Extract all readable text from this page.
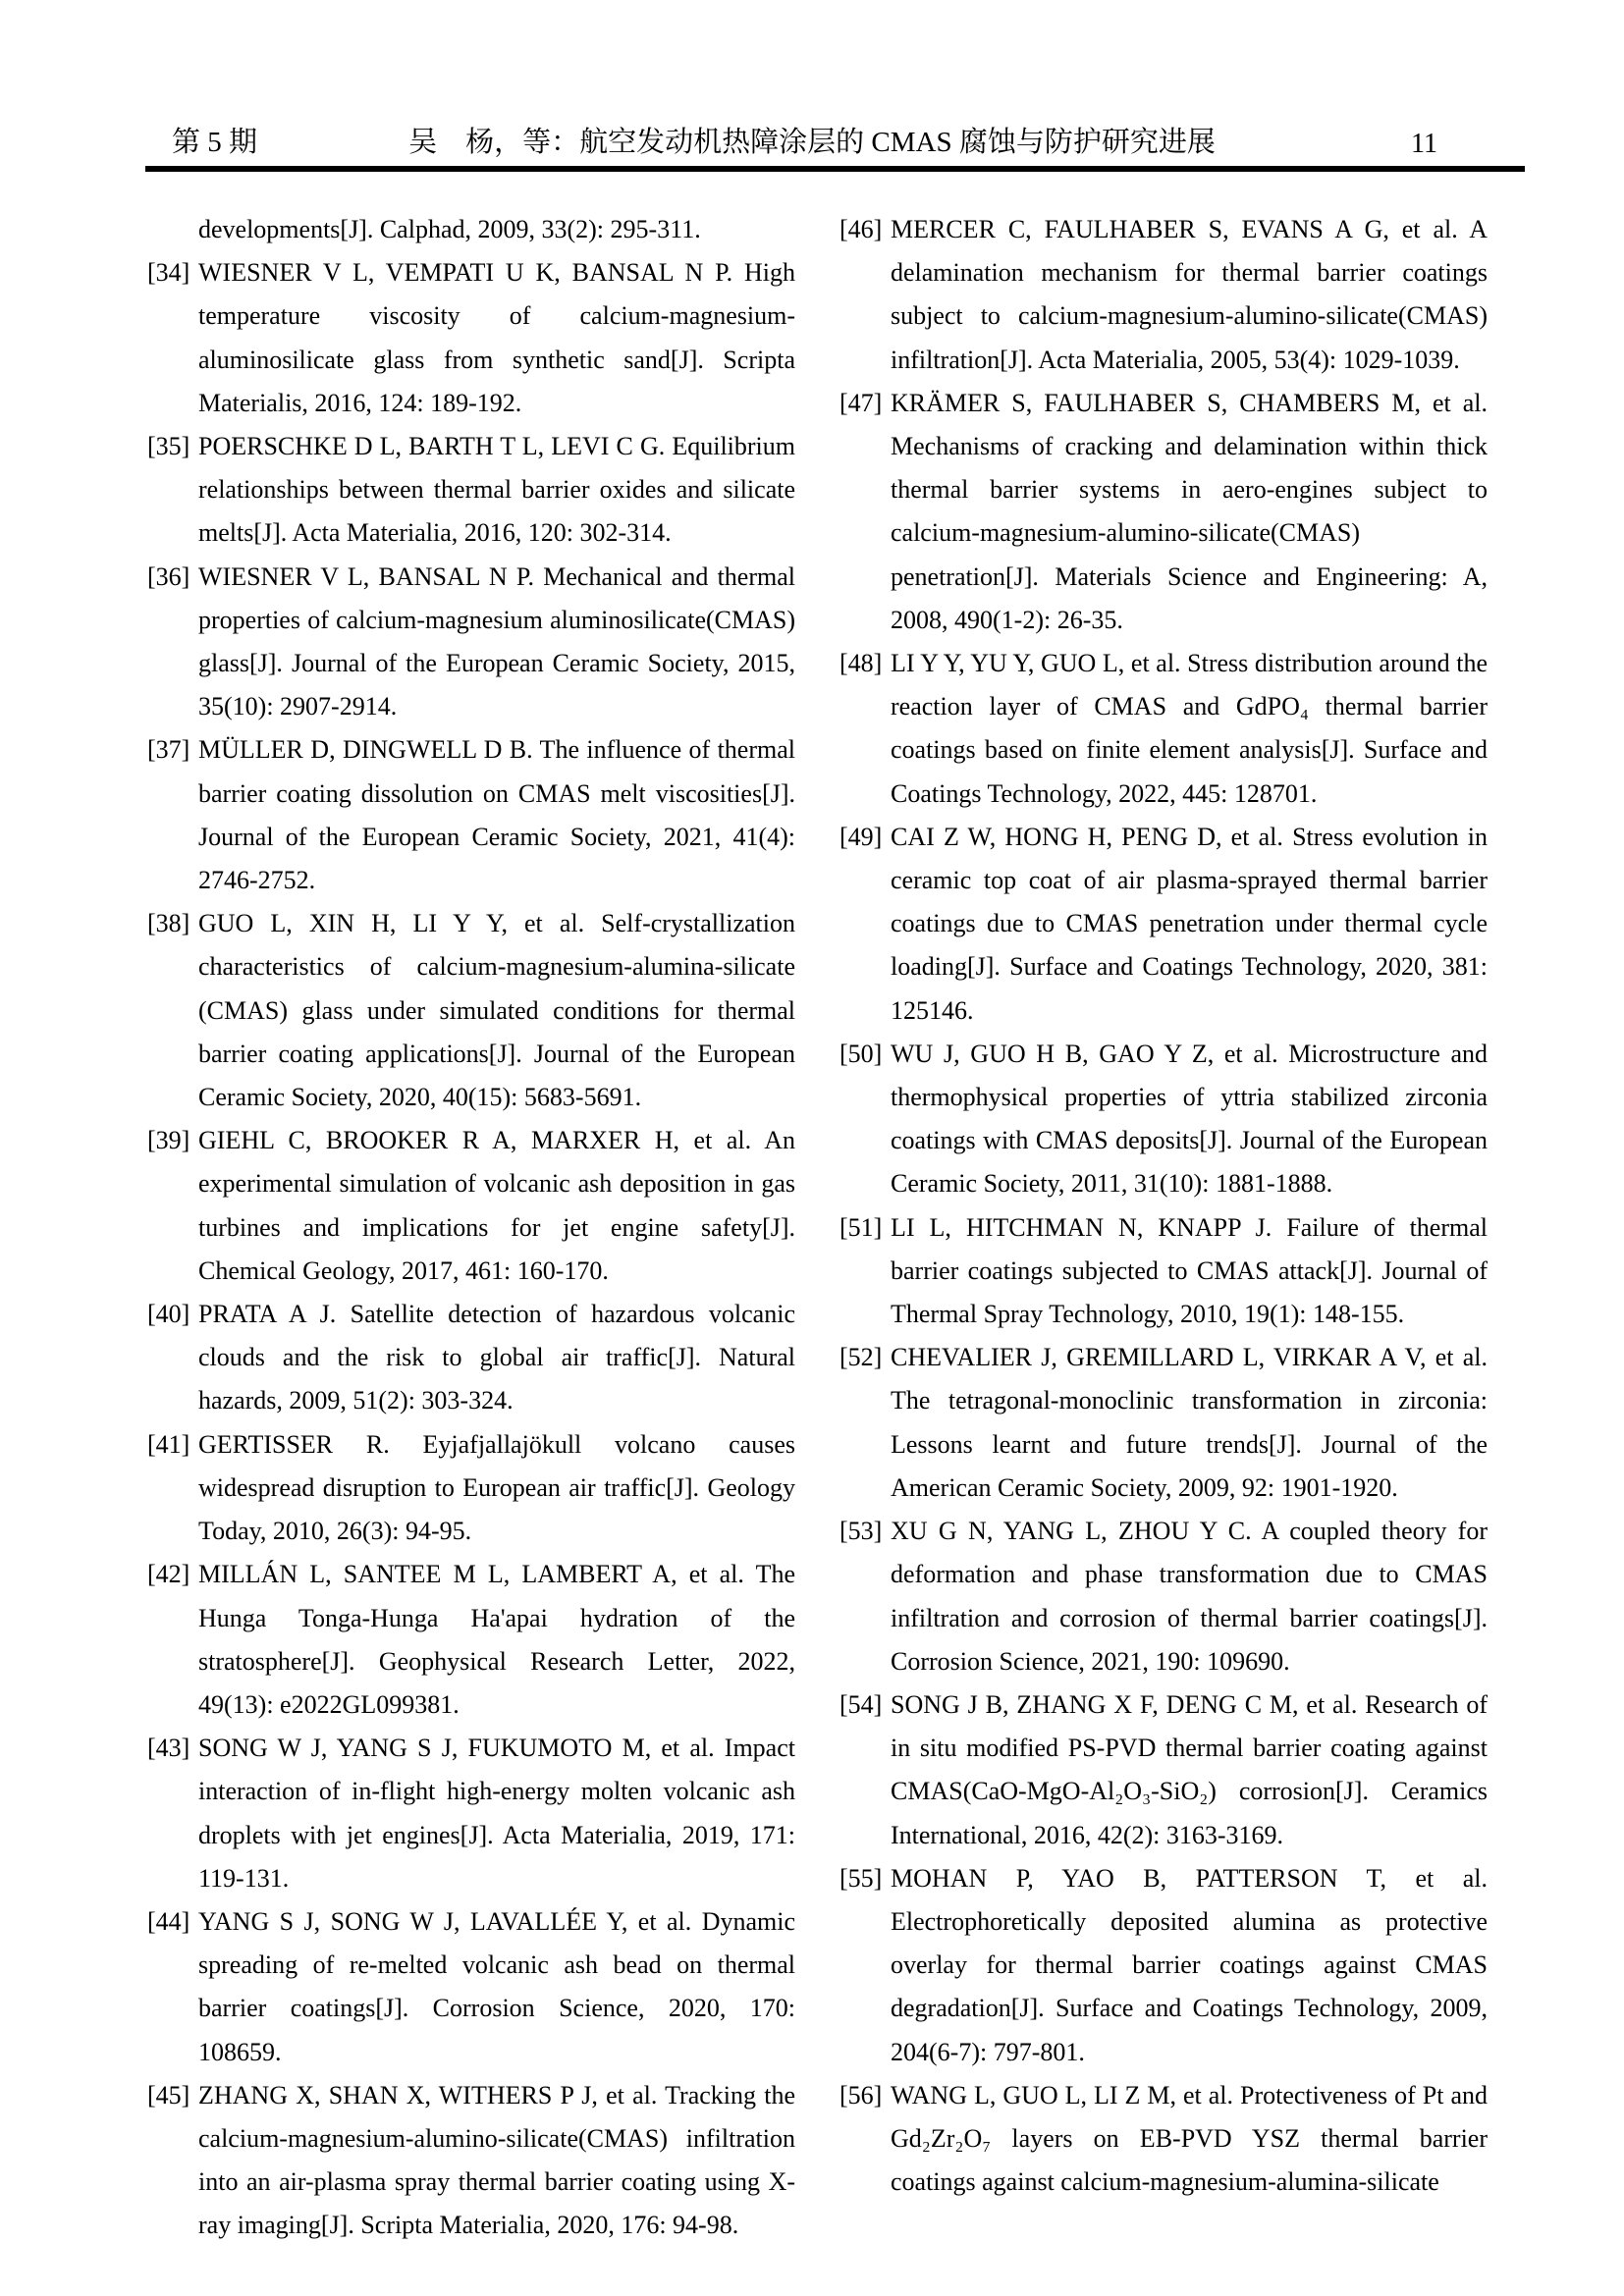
第 5 期	吴　杨，等：航空发动机热障涂层的 CMAS 腐蚀与防护研究进展	11
developments[J]. Calphad, 2009, 33(2): 295-311.
[34] WIESNER V L, VEMPATI U K, BANSAL N P. High temperature viscosity of calcium-magnesium-aluminosilicate glass from synthetic sand[J]. Scripta Materialis, 2016, 124: 189-192.
[35] POERSCHKE D L, BARTH T L, LEVI C G. Equilibrium relationships between thermal barrier oxides and silicate melts[J]. Acta Materialia, 2016, 120: 302-314.
[36] WIESNER V L, BANSAL N P. Mechanical and thermal properties of calcium-magnesium aluminosilicate(CMAS) glass[J]. Journal of the European Ceramic Society, 2015, 35(10): 2907-2914.
[37] MÜLLER D, DINGWELL D B. The influence of thermal barrier coating dissolution on CMAS melt viscosities[J]. Journal of the European Ceramic Society, 2021, 41(4): 2746-2752.
[38] GUO L, XIN H, LI Y Y, et al. Self-crystallization characteristics of calcium-magnesium-alumina-silicate (CMAS) glass under simulated conditions for thermal barrier coating applications[J]. Journal of the European Ceramic Society, 2020, 40(15): 5683-5691.
[39] GIEHL C, BROOKER R A, MARXER H, et al. An experimental simulation of volcanic ash deposition in gas turbines and implications for jet engine safety[J]. Chemical Geology, 2017, 461: 160-170.
[40] PRATA A J. Satellite detection of hazardous volcanic clouds and the risk to global air traffic[J]. Natural hazards, 2009, 51(2): 303-324.
[41] GERTISSER R. Eyjafjallajökull volcano causes widespread disruption to European air traffic[J]. Geology Today, 2010, 26(3): 94-95.
[42] MILLÁN L, SANTEE M L, LAMBERT A, et al. The Hunga Tonga-Hunga Ha'apai hydration of the stratosphere[J]. Geophysical Research Letter, 2022, 49(13): e2022GL099381.
[43] SONG W J, YANG S J, FUKUMOTO M, et al. Impact interaction of in-flight high-energy molten volcanic ash droplets with jet engines[J]. Acta Materialia, 2019, 171: 119-131.
[44] YANG S J, SONG W J, LAVALLÉE Y, et al. Dynamic spreading of re-melted volcanic ash bead on thermal barrier coatings[J]. Corrosion Science, 2020, 170: 108659.
[45] ZHANG X, SHAN X, WITHERS P J, et al. Tracking the calcium-magnesium-alumino-silicate(CMAS) infiltration into an air-plasma spray thermal barrier coating using X-ray imaging[J]. Scripta Materialia, 2020, 176: 94-98.
[46] MERCER C, FAULHABER S, EVANS A G, et al. A delamination mechanism for thermal barrier coatings subject to calcium-magnesium-alumino-silicate(CMAS) infiltration[J]. Acta Materialia, 2005, 53(4): 1029-1039.
[47] KRÄMER S, FAULHABER S, CHAMBERS M, et al. Mechanisms of cracking and delamination within thick thermal barrier systems in aero-engines subject to calcium-magnesium-alumino-silicate(CMAS) penetration[J]. Materials Science and Engineering: A, 2008, 490(1-2): 26-35.
[48] LI Y Y, YU Y, GUO L, et al. Stress distribution around the reaction layer of CMAS and GdPO₄ thermal barrier coatings based on finite element analysis[J]. Surface and Coatings Technology, 2022, 445: 128701.
[49] CAI Z W, HONG H, PENG D, et al. Stress evolution in ceramic top coat of air plasma-sprayed thermal barrier coatings due to CMAS penetration under thermal cycle loading[J]. Surface and Coatings Technology, 2020, 381: 125146.
[50] WU J, GUO H B, GAO Y Z, et al. Microstructure and thermophysical properties of yttria stabilized zirconia coatings with CMAS deposits[J]. Journal of the European Ceramic Society, 2011, 31(10): 1881-1888.
[51] LI L, HITCHMAN N, KNAPP J. Failure of thermal barrier coatings subjected to CMAS attack[J]. Journal of Thermal Spray Technology, 2010, 19(1): 148-155.
[52] CHEVALIER J, GREMILLARD L, VIRKAR A V, et al. The tetragonal-monoclinic transformation in zirconia: Lessons learnt and future trends[J]. Journal of the American Ceramic Society, 2009, 92: 1901-1920.
[53] XU G N, YANG L, ZHOU Y C. A coupled theory for deformation and phase transformation due to CMAS infiltration and corrosion of thermal barrier coatings[J]. Corrosion Science, 2021, 190: 109690.
[54] SONG J B, ZHANG X F, DENG C M, et al. Research of in situ modified PS-PVD thermal barrier coating against CMAS(CaO-MgO-Al₂O₃-SiO₂) corrosion[J]. Ceramics International, 2016, 42(2): 3163-3169.
[55] MOHAN P, YAO B, PATTERSON T, et al. Electrophoretically deposited alumina as protective overlay for thermal barrier coatings against CMAS degradation[J]. Surface and Coatings Technology, 2009, 204(6-7): 797-801.
[56] WANG L, GUO L, LI Z M, et al. Protectiveness of Pt and Gd₂Zr₂O₇ layers on EB-PVD YSZ thermal barrier coatings against calcium-magnesium-alumina-silicate
